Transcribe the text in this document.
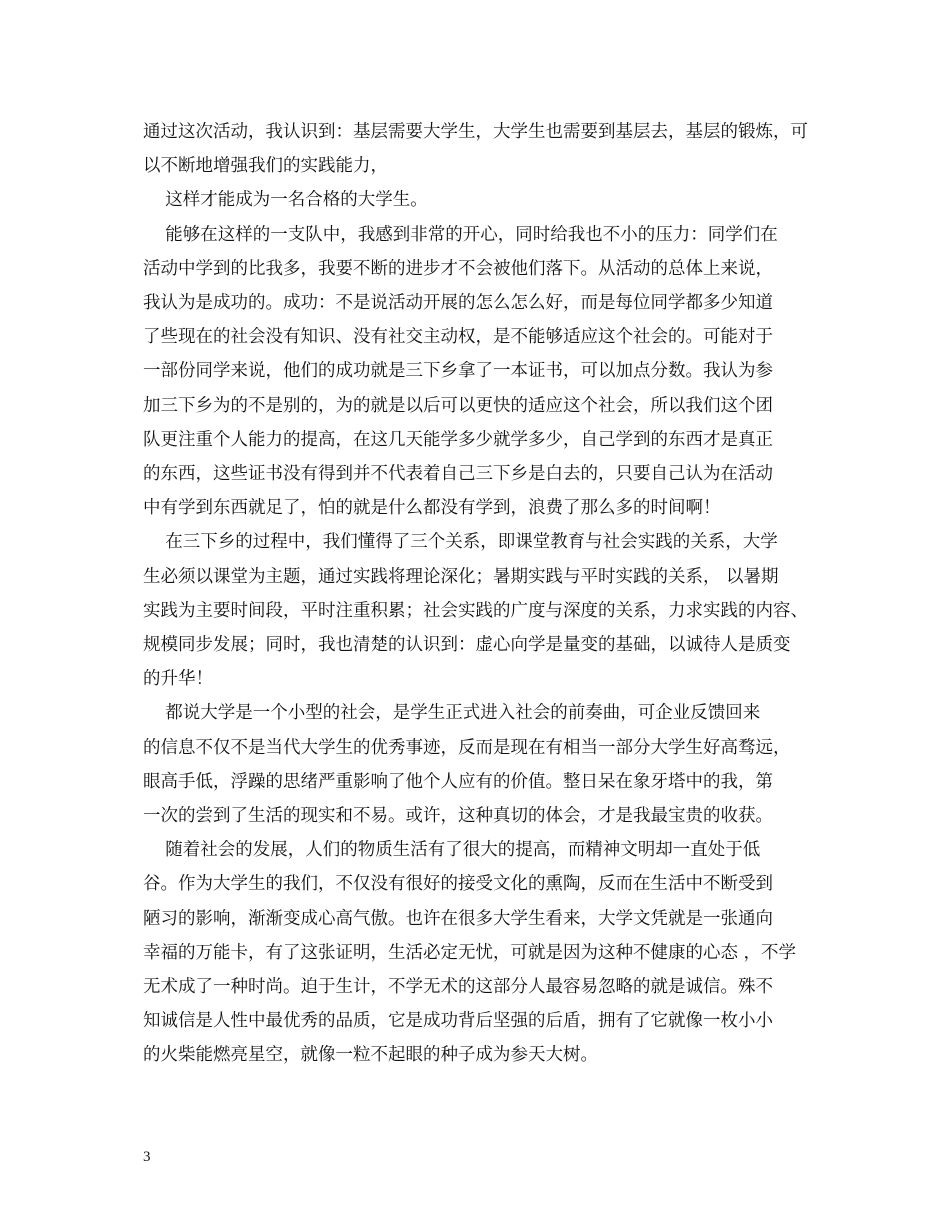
通过这次活动，我认识到：基层需要大学生，大学生也需要到基层去，基层的锻炼，可
以不断地增强我们的实践能力，

这样才能成为一名合格的大学生。

能够在这样的一支队中，我感到非常的开心，同时给我也不小的压力：同学们在
活动中学到的比我多，我要不断的进步才不会被他们落下。从活动的总体上来说，
我认为是成功的。成功：不是说活动开展的怎么怎么好，而是每位同学都多少知道
了些现在的社会没有知识、没有社交主动权，是不能够适应这个社会的。可能对于
一部份同学来说，他们的成功就是三下乡拿了一本证书，可以加点分数。我认为参
加三下乡为的不是别的，为的就是以后可以更快的适应这个社会，所以我们这个团
队更注重个人能力的提高，在这几天能学多少就学多少，自己学到的东西才是真正
的东西，这些证书没有得到并不代表着自己三下乡是白去的，只要自己认为在活动
中有学到东西就足了，怕的就是什么都没有学到，浪费了那么多的时间啊！

在三下乡的过程中，我们懂得了三个关系，即课堂教育与社会实践的关系，大学
生必须以课堂为主题，通过实践将理论深化；暑期实践与平时实践的关系， 以暑期
实践为主要时间段，平时注重积累；社会实践的广度与深度的关系，力求实践的内容、
规模同步发展；同时，我也清楚的认识到：虚心向学是量变的基础，以诚待人是质变
的升华！

都说大学是一个小型的社会，是学生正式进入社会的前奏曲，可企业反馈回来
的信息不仅不是当代大学生的优秀事迹，反而是现在有相当一部分大学生好高骛远，
眼高手低，浮躁的思绪严重影响了他个人应有的价值。整日呆在象牙塔中的我，第
一次的尝到了生活的现实和不易。或许，这种真切的体会，才是我最宝贵的收获。

随着社会的发展，人们的物质生活有了很大的提高，而精神文明却一直处于低
谷。作为大学生的我们，不仅没有很好的接受文化的熏陶，反而在生活中不断受到
陋习的影响，渐渐变成心高气傲。也许在很多大学生看来，大学文凭就是一张通向
幸福的万能卡，有了这张证明，生活必定无忧，可就是因为这种不健康的心态 ，不学
无术成了一种时尚。迫于生计，不学无术的这部分人最容易忽略的就是诚信。殊不
知诚信是人性中最优秀的品质，它是成功背后坚强的后盾，拥有了它就像一枚小小
的火柴能燃亮星空，就像一粒不起眼的种子成为参天大树。

3
